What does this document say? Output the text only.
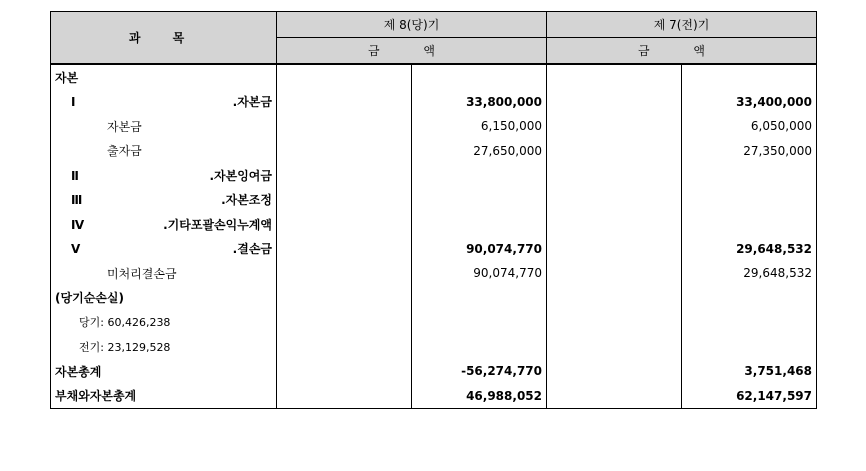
과 목	제 8(당)기		제 7(전)기	
	금 액		금 액	
자본				
Ⅰ.자본금		33,800,000		33,400,000
자본금		6,150,000		6,050,000
출자금		27,650,000		27,350,000
Ⅱ.자본잉여금				
Ⅲ.자본조정				
Ⅳ.기타포괄손익누계액				
Ⅴ.결손금		90,074,770		29,648,532
미처리결손금		90,074,770		29,648,532
(당기순손실)				
당기: 60,426,238				
전기: 23,129,528				
자본총계		-56,274,770		3,751,468
부채와자본총계		46,988,052		62,147,597
